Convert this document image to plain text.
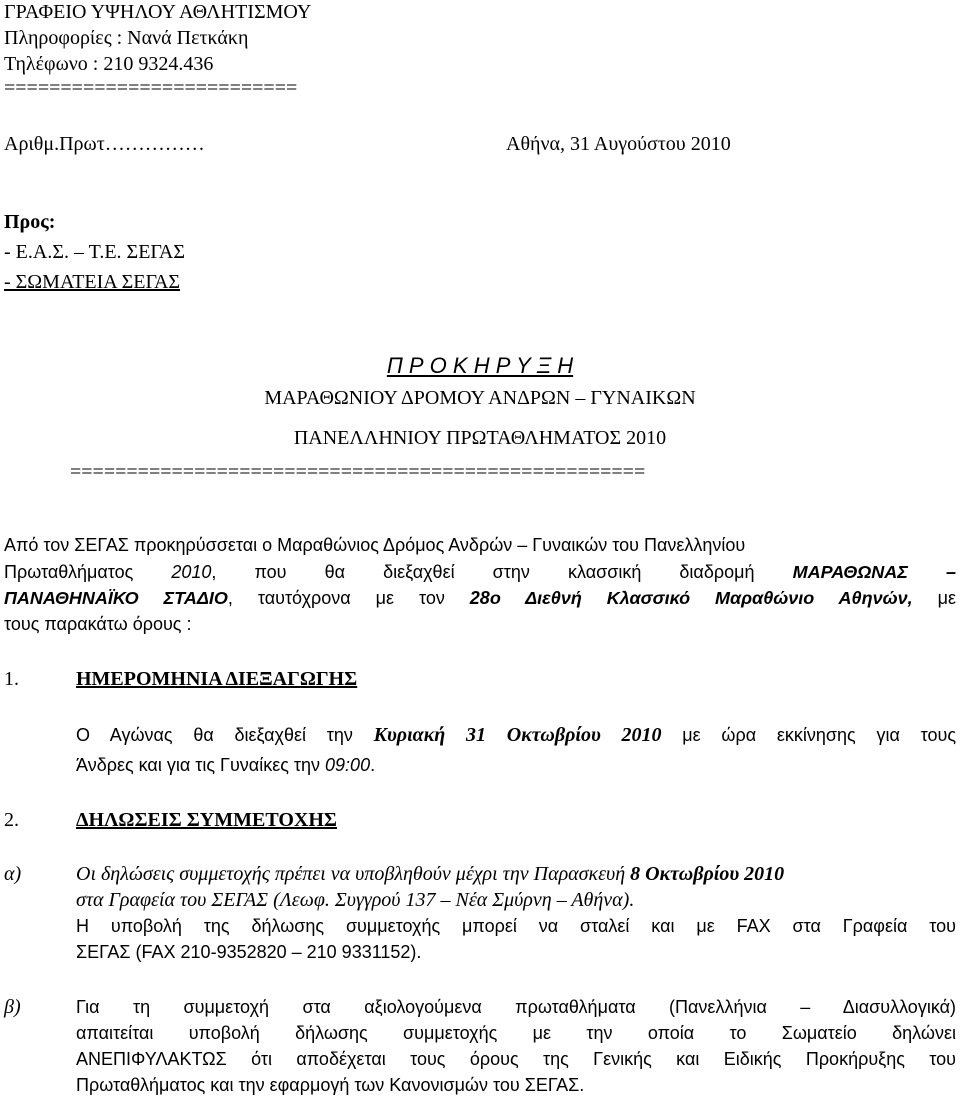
ΓΡΑΦΕΙΟ ΥΨΗΛΟΥ ΑΘΛΗΤΙΣΜΟΥ
Πληροφορίες : Νανά Πετκάκη
Τηλέφωνο : 210 9324.436
==========================
Αριθμ.Πρωτ……………	Αθήνα, 31 Αυγούστου 2010
Προς:
- Ε.Α.Σ. – Τ.Ε. ΣΕΓΑΣ
- ΣΩΜΑΤΕΙΑ ΣΕΓΑΣ
Π Ρ Ο Κ Η Ρ Υ Ξ Η
ΜΑΡΑΘΩΝΙΟΥ ΔΡΟΜΟΥ ΑΝΔΡΩΝ – ΓΥΝΑΙΚΩΝ
ΠΑΝΕΛΛΗΝΙΟΥ ΠΡΩΤΑΘΛΗΜΑΤΟΣ 2010
===================================================
Από τον ΣΕΓΑΣ προκηρύσσεται ο Μαραθώνιος Δρόμος Ανδρών – Γυναικών του Πανελληνίου
Πρωταθλήματος 2010, που θα διεξαχθεί στην κλασσική διαδρομή ΜΑΡΑΘΩΝΑΣ –
ΠΑΝΑΘΗΝΑΪΚΟ ΣΤΑΔΙΟ, ταυτόχρονα με τον 28ο Διεθνή Κλασσικό Μαραθώνιο Αθηνών, με
τους παρακάτω όρους :
1.	ΗΜΕΡΟΜΗΝΙΑ ΔΙΕΞΑΓΩΓΗΣ
Ο Αγώνας θα διεξαχθεί την Κυριακή 31 Οκτωβρίου 2010 με ώρα εκκίνησης για τους
Άνδρες και για τις Γυναίκες την 09:00.
2.	ΔΗΛΩΣΕΙΣ ΣΥΜΜΕΤΟΧΗΣ
α)	Οι δηλώσεις συμμετοχής πρέπει να υποβληθούν μέχρι την Παρασκευή 8 Οκτωβρίου 2010
στα Γραφεία του ΣΕΓΑΣ (Λεωφ. Συγγρού 137 – Νέα Σμύρνη – Αθήνα).
Η υποβολή της δήλωσης συμμετοχής μπορεί να σταλεί και με FAX στα Γραφεία του
ΣΕΓΑΣ (FAX 210-9352820 – 210 9331152).
β)	Για τη συμμετοχή στα αξιολογούμενα πρωταθλήματα (Πανελλήνια – Διασυλλογικά)
απαιτείται υποβολή δήλωσης συμμετοχής με την οποία το Σωματείο δηλώνει
ΑΝΕΠΙΦΥΛΑΚΤΩΣ ότι αποδέχεται τους όρους της Γενικής και Ειδικής Προκήρυξης του
Πρωταθλήματος και την εφαρμογή των Κανονισμών του ΣΕΓΑΣ.
